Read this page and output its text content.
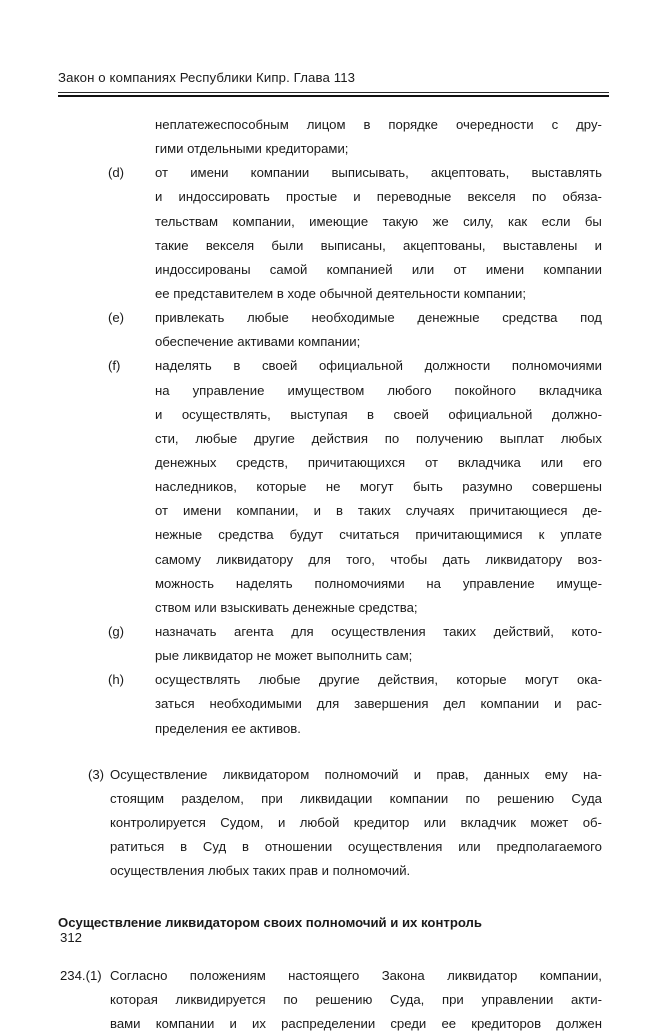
Закон о компаниях Республики Кипр. Глава 113
неплатежеспособным лицом в порядке очередности с дру-
гими отдельными кредиторами;
(d) от имени компании выписывать, акцептовать, выставлять
и индоссировать простые и переводные векселя по обяза-
тельствам компании, имеющие такую же силу, как если бы
такие векселя были выписаны, акцептованы, выставлены и
индоссированы самой компанией или от имени компании
ее представителем в ходе обычной деятельности компании;
(e) привлекать любые необходимые денежные средства под
обеспечение активами компании;
(f)	наделять в своей официальной должности полномочиями
на управление имуществом любого покойного вкладчика
и осуществлять, выступая в своей официальной должно-
сти, любые другие действия по получению выплат любых
денежных средств, причитающихся от вкладчика или его
наследников, которые не могут быть разумно совершены
от имени компании, и в таких случаях причитающиеся де-
нежные средства будут считаться причитающимися к уплате
самому ликвидатору для того, чтобы дать ликвидатору воз-
можность наделять полномочиями на управление имуще-
ством или взыскивать денежные средства;
(g) назначать агента для осуществления таких действий, кото-
рые ликвидатор не может выполнить сам;
(h) осуществлять любые другие действия, которые могут ока-
заться необходимыми для завершения дел компании и рас-
пределения ее активов.
(3) Осуществление ликвидатором полномочий и прав, данных ему на-
стоящим разделом, при ликвидации компании по решению Суда
контролируется Судом, и любой кредитор или вкладчик может об-
ратиться в Суд в отношении осуществления или предполагаемого
осуществления любых таких прав и полномочий.
Осуществление ликвидатором своих полномочий и их контроль
234.(1) Согласно положениям настоящего Закона ликвидатор компании,
которая ликвидируется по решению Суда, при управлении акти-
вами компании и их распределении среди ее кредиторов должен
312
